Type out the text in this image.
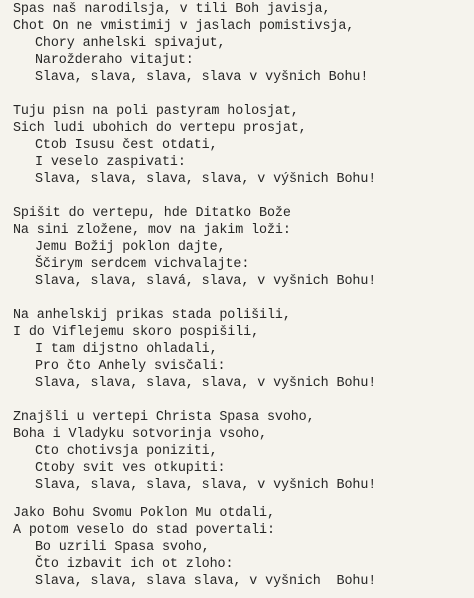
Spas naš narodilsja, v tili Boh javisja,
Chot On ne vmistimij v jaslach pomistivsja,
Chory anhelski spivajut,
Narožderaho vitajut:
Slava, slava, slava, slava v vyšnich Bohu!
Tuju pisn na poli pastyram holosjat,
Sich ludi ubohich do vertepu prosjat,
Ctob Isusu čest otdati,
I veselo zaspivati:
Slava, slava, slava, slava, v výšnich Bohu!
Spišit do vertepu, hde Ditatko Bože
Na sini zložene, mov na jakim loži:
Jemu Božij poklon dajte,
Ščirym serdcem vichvalajte:
Slava, slava, slavá, slava, v vyšnich Bohu!
Na anhelskij prikas stada polišili,
I do Viflejemu skoro pospišili,
I tam dijstno ohladali,
Pro čto Anhely svisčali:
Slava, slava, slava, slava, v vyšnich Bohu!
Znajšli u vertepi Christa Spasa svoho,
Boha i Vladyku sotvorinja vsoho,
Cto chotivsja poniziti,
Ctoby svit ves otkupiti:
Slava, slava, slava, slava, v vyšnich Bohu!
Jako Bohu Svomu Poklon Mu otdali,
A potom veselo do stad povertali:
Bo uzrili Spasa svoho,
Čto izbavit ich ot zloho:
Slava, slava, slava slava, v vyšnich  Bohu!
